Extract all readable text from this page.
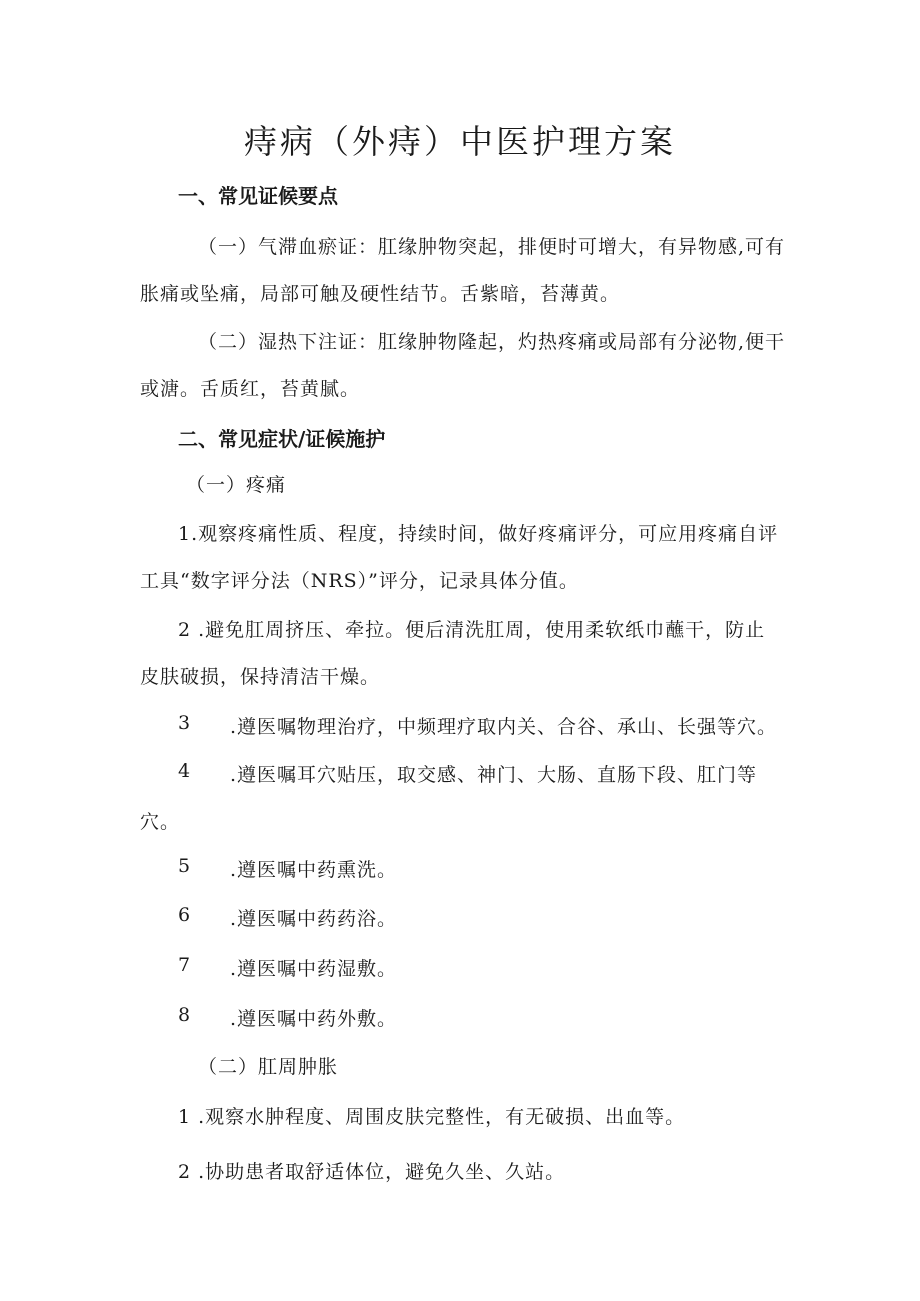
痔病（外痔）中医护理方案
一、常见证候要点
（一）气滞血瘀证：肛缘肿物突起，排便时可增大，有异物感,可有
胀痛或坠痛，局部可触及硬性结节。舌紫暗，苔薄黄。
（二）湿热下注证：肛缘肿物隆起，灼热疼痛或局部有分泌物,便干
或溏。舌质红，苔黄腻。
二、常见症状/证候施护
（一）疼痛
1.观察疼痛性质、程度，持续时间，做好疼痛评分，可应用疼痛自评
工具“数字评分法（NRS）”评分，记录具体分值。
2 .避免肛周挤压、牵拉。便后清洗肛周，使用柔软纸巾蘸干，防止
皮肤破损，保持清洁干燥。
3 .遵医嘱物理治疗，中频理疗取内关、合谷、承山、长强等穴。
4 .遵医嘱耳穴贴压，取交感、神门、大肠、直肠下段、肛门等
穴。
5 .遵医嘱中药熏洗。
6 .遵医嘱中药药浴。
7 .遵医嘱中药湿敷。
8 .遵医嘱中药外敷。
（二）肛周肿胀
1 .观察水肿程度、周围皮肤完整性，有无破损、出血等。
2 .协助患者取舒适体位，避免久坐、久站。
